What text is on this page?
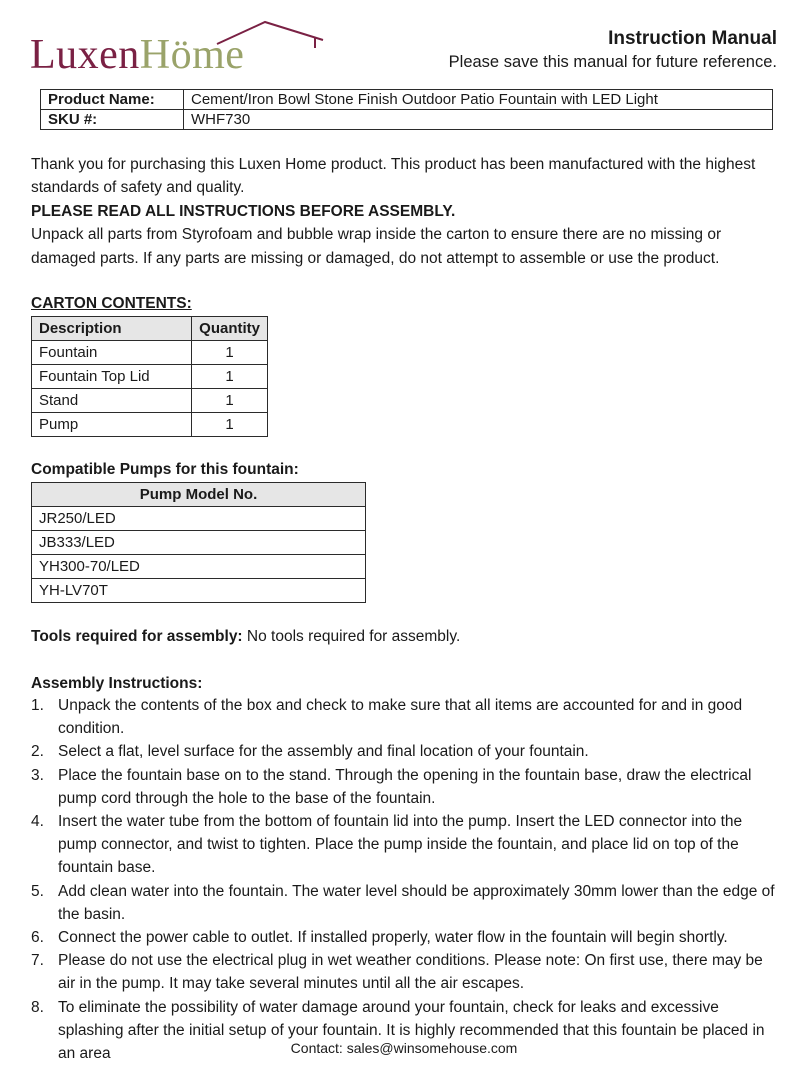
LuxenHöme	Instruction Manual
Please save this manual for future reference.
Product Name:	Cement/Iron Bowl Stone Finish Outdoor Patio Fountain with LED Light
SKU #:	WHF730
Thank you for purchasing this Luxen Home product. This product has been manufactured with the highest standards of safety and quality.
PLEASE READ ALL INSTRUCTIONS BEFORE ASSEMBLY.
Unpack all parts from Styrofoam and bubble wrap inside the carton to ensure there are no missing or damaged parts. If any parts are missing or damaged, do not attempt to assemble or use the product.
CARTON CONTENTS:
Description	Quantity
Fountain	1
Fountain Top Lid	1
Stand	1
Pump	1
Compatible Pumps for this fountain:
Pump Model No.
JR250/LED
JB333/LED
YH300-70/LED
YH-LV70T
Tools required for assembly: No tools required for assembly.
Assembly Instructions:
1. Unpack the contents of the box and check to make sure that all items are accounted for and in good condition.
2. Select a flat, level surface for the assembly and final location of your fountain.
3. Place the fountain base on to the stand. Through the opening in the fountain base, draw the electrical pump cord through the hole to the base of the fountain.
4. Insert the water tube from the bottom of fountain lid into the pump. Insert the LED connector into the pump connector, and twist to tighten. Place the pump inside the fountain, and place lid on top of the fountain base.
5. Add clean water into the fountain. The water level should be approximately 30mm lower than the edge of the basin.
6. Connect the power cable to outlet. If installed properly, water flow in the fountain will begin shortly.
7. Please do not use the electrical plug in wet weather conditions. Please note: On first use, there may be air in the pump. It may take several minutes until all the air escapes.
8. To eliminate the possibility of water damage around your fountain, check for leaks and excessive splashing after the initial setup of your fountain. It is highly recommended that this fountain be placed in an area	Contact: sales@winsomehouse.com
